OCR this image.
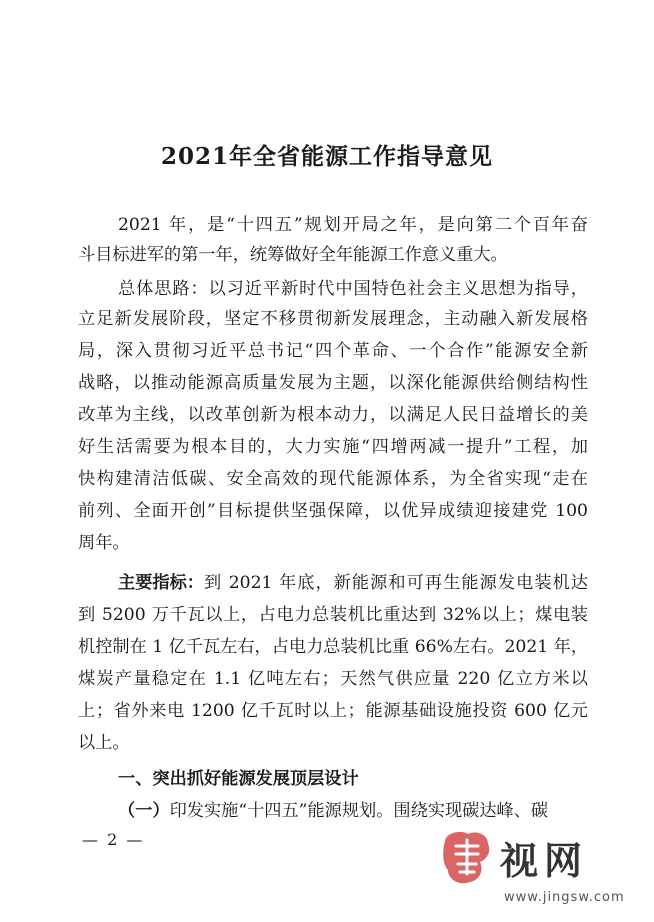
2021年全省能源工作指导意见
2021 年，是“十四五”规划开局之年，是向第二个百年奋
斗目标进军的第一年，统筹做好全年能源工作意义重大。
总体思路：以习近平新时代中国特色社会主义思想为指导，
立足新发展阶段，坚定不移贯彻新发展理念，主动融入新发展格
局，深入贯彻习近平总书记“四个革命、一个合作”能源安全新
战略，以推动能源高质量发展为主题，以深化能源供给侧结构性
改革为主线，以改革创新为根本动力，以满足人民日益增长的美
好生活需要为根本目的，大力实施“四增两减一提升”工程，加
快构建清洁低碳、安全高效的现代能源体系，为全省实现“走在
前列、全面开创”目标提供坚强保障，以优异成绩迎接建党 100
周年。
主要指标： 到 2021 年底，新能源和可再生能源发电装机达
到 5200 万千瓦以上，占电力总装机比重达到 32%以上；煤电装
机控制在 1 亿千瓦左右，占电力总装机比重 66%左右。2021 年，
煤炭产量稳定在 1.1 亿吨左右；天然气供应量 220 亿立方米以
上；省外来电 1200 亿千瓦时以上；能源基础设施投资 600 亿元
以上。
一、突出抓好能源发展顶层设计
（一）印发实施“十四五”能源规划。围绕实现碳达峰、碳
— 2 —	视网
www.jingsw.com
